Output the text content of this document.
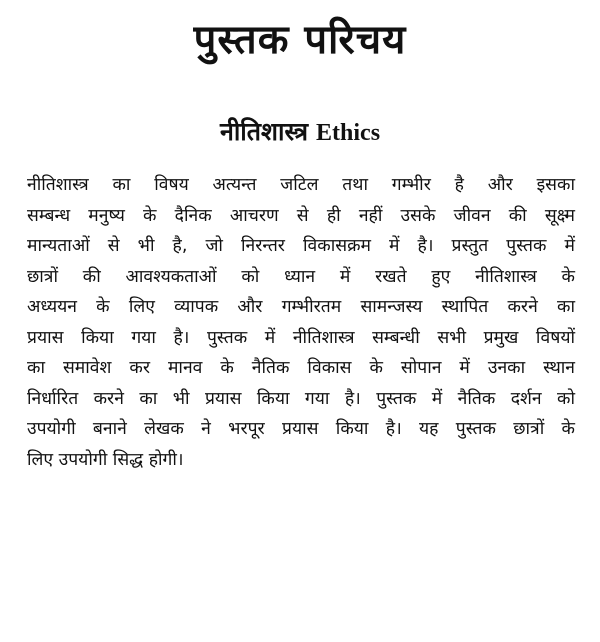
पुस्तक परिचय
नीतिशास्त्र Ethics
नीतिशास्त्र का विषय अत्यन्त जटिल तथा गम्भीर है और इसका
सम्बन्ध मनुष्य के दैनिक आचरण से ही नहीं उसके जीवन की सूक्ष्म
मान्यताओं से भी है, जो निरन्तर विकासक्रम में है। प्रस्तुत पुस्तक में
छात्रों की आवश्यकताओं को ध्यान में रखते हुए नीतिशास्त्र के
अध्ययन के लिए व्यापक और गम्भीरतम सामन्जस्य स्थापित करने का
प्रयास किया गया है। पुस्तक में नीतिशास्त्र सम्बन्धी सभी प्रमुख विषयों
का समावेश कर मानव के नैतिक विकास के सोपान में उनका स्थान
निर्धारित करने का भी प्रयास किया गया है। पुस्तक में नैतिक दर्शन को
उपयोगी बनाने लेखक ने भरपूर प्रयास किया है। यह पुस्तक छात्रों के
लिए उपयोगी सिद्ध होगी।
